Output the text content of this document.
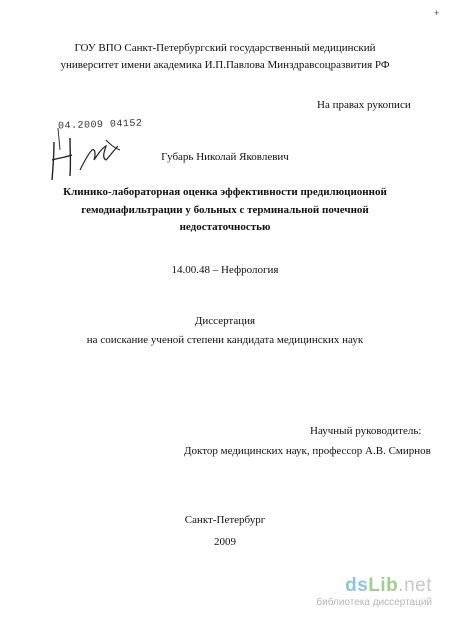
+
ГОУ ВПО Санкт-Петербургский государственный медицинский
университет имени академика И.П.Павлова Минздравсоцразвития РФ
На правах рукописи
04.2009 04152
Губарь Николай Яковлевич
Клинико-лабораторная оценка эффективности предилюционной
гемодиафильтрации у больных с терминальной почечной
недостаточностью
14.00.48 – Нефрология
Диссертация
на соискание ученой степени кандидата медицинских наук
Научный руководитель:
Доктор медицинских наук, профессор А.В. Смирнов
Санкт-Петербург
2009
dsLib.net
библиотека диссертаций
